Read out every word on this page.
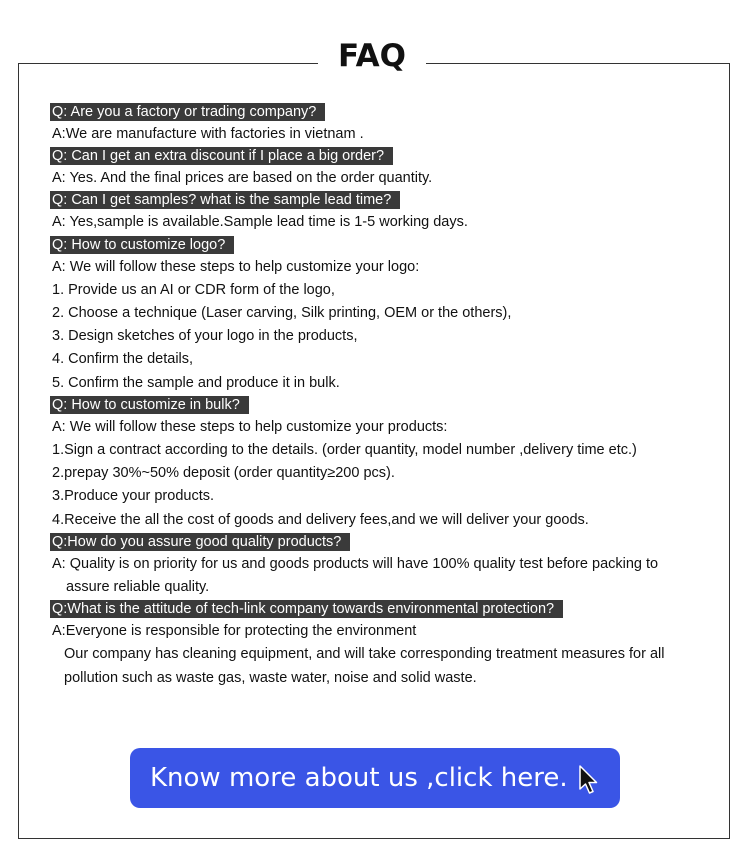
FAQ
Q: Are you a factory or trading company?
A:We are manufacture with factories in vietnam .
Q: Can I get an extra discount if I place a big order?
A: Yes. And the final prices are based on the order quantity.
Q: Can I get samples? what is the sample lead time?
A: Yes,sample is available.Sample lead time is 1-5 working days.
Q: How to customize logo?
A: We will follow these steps to help customize your logo:
1. Provide us an AI or CDR form of the logo,
2. Choose a technique (Laser carving, Silk printing, OEM or the others),
3. Design sketches of your logo in the products,
4. Confirm the details,
5. Confirm the sample and produce it in bulk.
Q: How to customize in bulk?
A: We will follow these steps to help customize your products:
1.Sign a contract according to the details. (order quantity, model number ,delivery time etc.)
2.prepay 30%~50% deposit (order quantity≥200 pcs).
3.Produce your products.
4.Receive the all the cost of goods and delivery fees,and we will deliver your goods.
Q:How do you assure good quality products?
A: Quality is on priority for us and goods products will have 100% quality test before packing to
assure reliable quality.
Q:What is the attitude of tech-link company towards environmental protection?
A:Everyone is responsible for protecting the environment
Our company has cleaning equipment, and will take corresponding treatment measures for all
pollution such as waste gas, waste water, noise and solid waste.
Know more about us ,click here.
